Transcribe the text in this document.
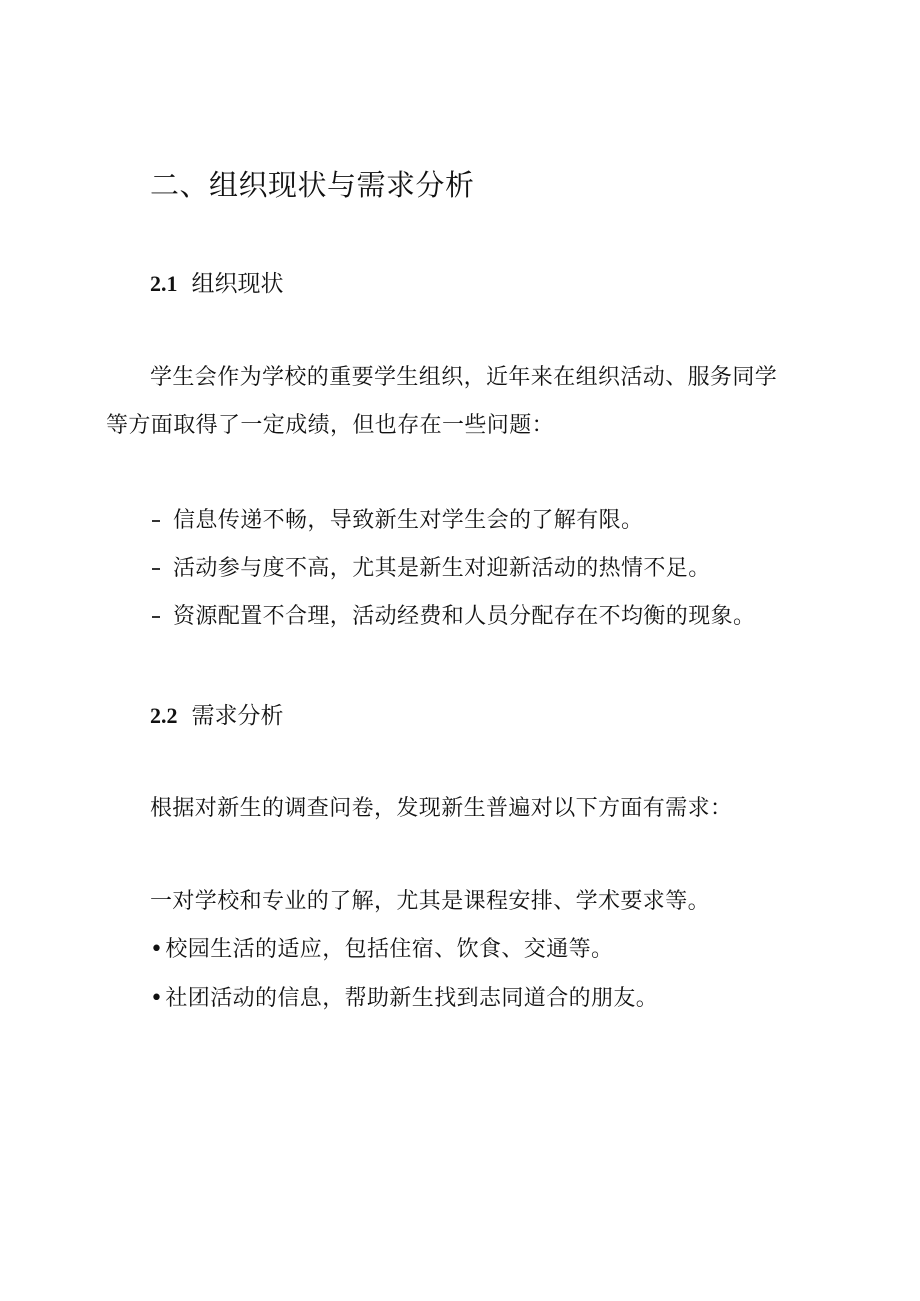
二、组织现状与需求分析
2.1 组织现状
学生会作为学校的重要学生组织，近年来在组织活动、服务同学
等方面取得了一定成绩，但也存在一些问题：
信息传递不畅，导致新生对学生会的了解有限。
活动参与度不高，尤其是新生对迎新活动的热情不足。
资源配置不合理，活动经费和人员分配存在不均衡的现象。
2.2 需求分析
根据对新生的调查问卷，发现新生普遍对以下方面有需求：
一对学校和专业的了解，尤其是课程安排、学术要求等。
•校园生活的适应，包括住宿、饮食、交通等。
•社团活动的信息，帮助新生找到志同道合的朋友。
